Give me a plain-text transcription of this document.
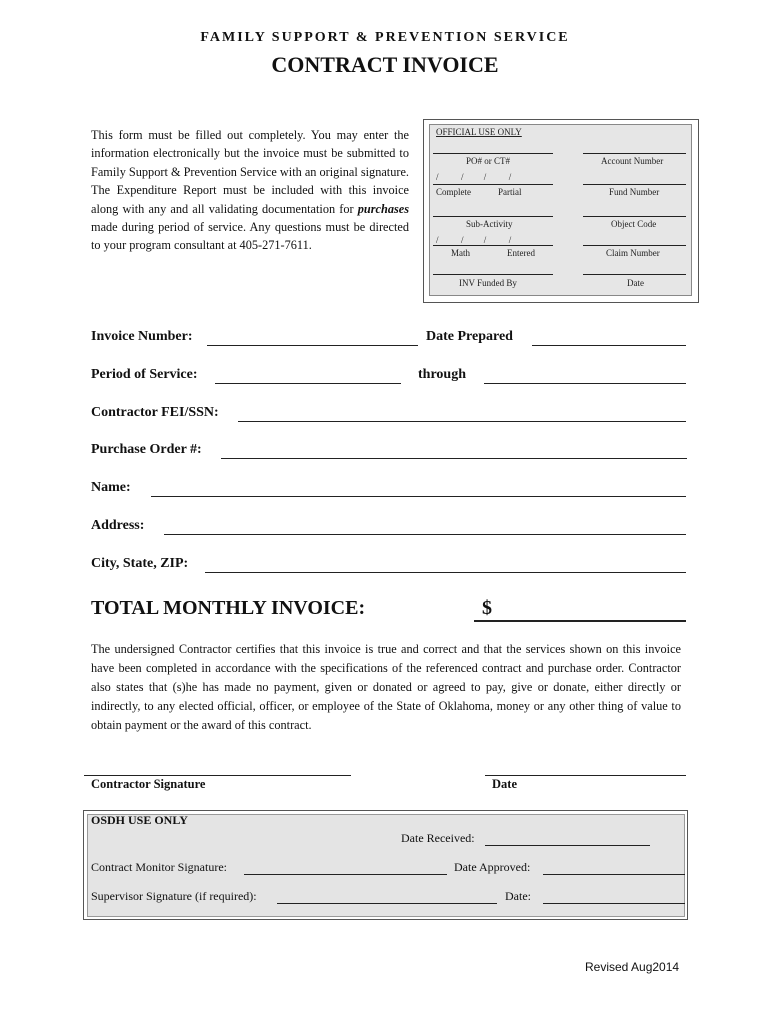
FAMILY SUPPORT & PREVENTION SERVICE
CONTRACT INVOICE
This form must be filled out completely. You may enter the information electronically but the invoice must be submitted to Family Support & Prevention Service with an original signature. The Expenditure Report must be included with this invoice along with any and all validating documentation for purchases made during period of service. Any questions must be directed to your program consultant at 405-271-7611.
OFFICIAL USE ONLY
PO# or CT#	Account Number
/          /         /          /
Complete	Partial	Fund Number
Sub-Activity	Object Code
/          /         /          /
Math	Entered	Claim Number
INV Funded By	Date
Invoice Number:	Date Prepared
Period of Service:	through
Contractor FEI/SSN:
Purchase Order #:
Name:
Address:
City, State, ZIP:
TOTAL MONTHLY INVOICE:	$
The undersigned Contractor certifies that this invoice is true and correct and that the services shown on this invoice have been completed in accordance with the specifications of the referenced contract and purchase order. Contractor also states that (s)he has made no payment, given or donated or agreed to pay, give or donate, either directly or indirectly, to any elected official, officer, or employee of the State of Oklahoma, money or any other thing of value to obtain payment or the award of this contract.
Contractor Signature	Date
OSDH USE ONLY
Date Received:
Contract Monitor Signature:	Date Approved:
Supervisor Signature (if required):	Date:
Revised Aug2014
